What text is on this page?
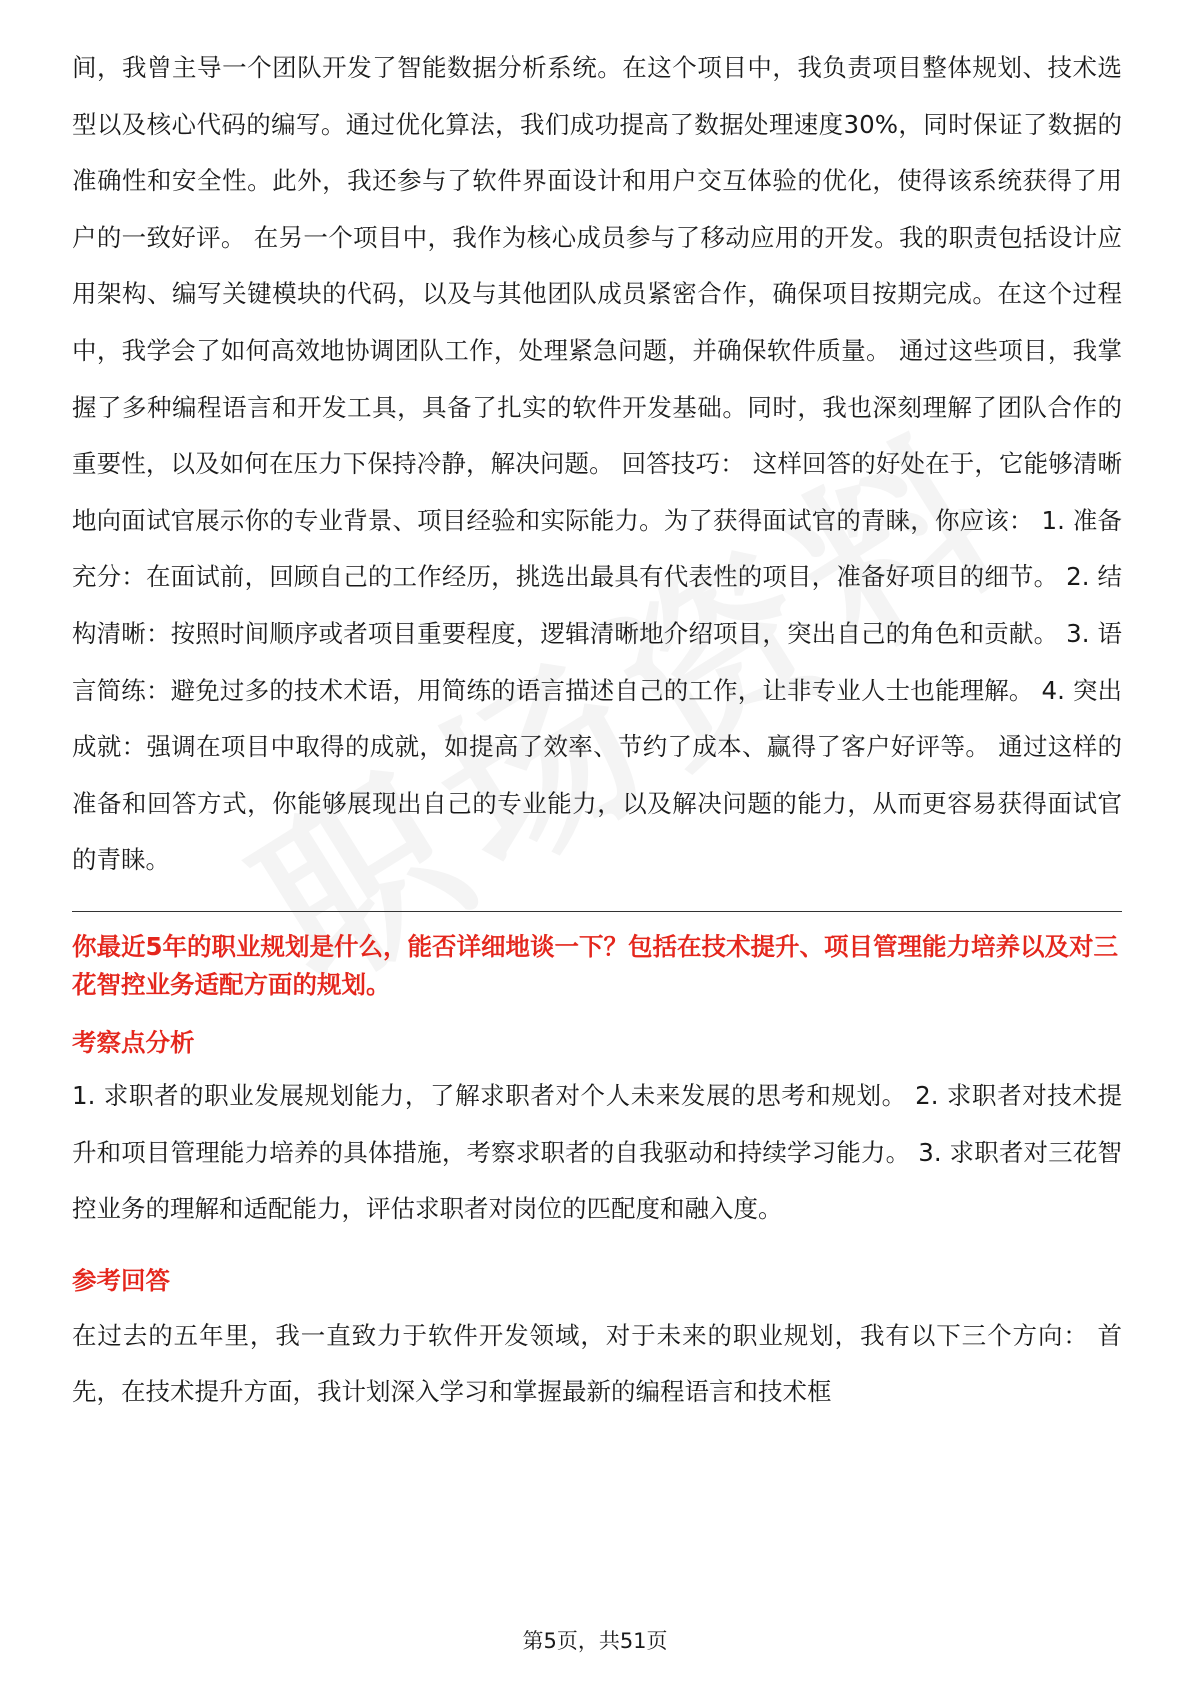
间，我曾主导一个团队开发了智能数据分析系统。在这个项目中，我负责项目整体规划、技术选型以及核心代码的编写。通过优化算法，我们成功提高了数据处理速度30%，同时保证了数据的准确性和安全性。此外，我还参与了软件界面设计和用户交互体验的优化，使得该系统获得了用户的一致好评。 在另一个项目中，我作为核心成员参与了移动应用的开发。我的职责包括设计应用架构、编写关键模块的代码，以及与其他团队成员紧密合作，确保项目按期完成。在这个过程中，我学会了如何高效地协调团队工作，处理紧急问题，并确保软件质量。 通过这些项目，我掌握了多种编程语言和开发工具，具备了扎实的软件开发基础。同时，我也深刻理解了团队合作的重要性，以及如何在压力下保持冷静，解决问题。 回答技巧： 这样回答的好处在于，它能够清晰地向面试官展示你的专业背景、项目经验和实际能力。为了获得面试官的青睐，你应该： 1. 准备充分：在面试前，回顾自己的工作经历，挑选出最具有代表性的项目，准备好项目的细节。 2. 结构清晰：按照时间顺序或者项目重要程度，逻辑清晰地介绍项目，突出自己的角色和贡献。 3. 语言简练：避免过多的技术术语，用简练的语言描述自己的工作，让非专业人士也能理解。 4. 突出成就：强调在项目中取得的成就，如提高了效率、节约了成本、赢得了客户好评等。 通过这样的准备和回答方式，你能够展现出自己的专业能力，以及解决问题的能力，从而更容易获得面试官的青睐。

你最近5年的职业规划是什么，能否详细地谈一下？包括在技术提升、项目管理能力培养以及对三花智控业务适配方面的规划。

考察点分析

1. 求职者的职业发展规划能力，了解求职者对个人未来发展的思考和规划。 2. 求职者对技术提升和项目管理能力培养的具体措施，考察求职者的自我驱动和持续学习能力。 3. 求职者对三花智控业务的理解和适配能力，评估求职者对岗位的匹配度和融入度。

参考回答

在过去的五年里，我一直致力于软件开发领域，对于未来的职业规划，我有以下三个方向： 首先，在技术提升方面，我计划深入学习和掌握最新的编程语言和技术框

第5页，共51页
